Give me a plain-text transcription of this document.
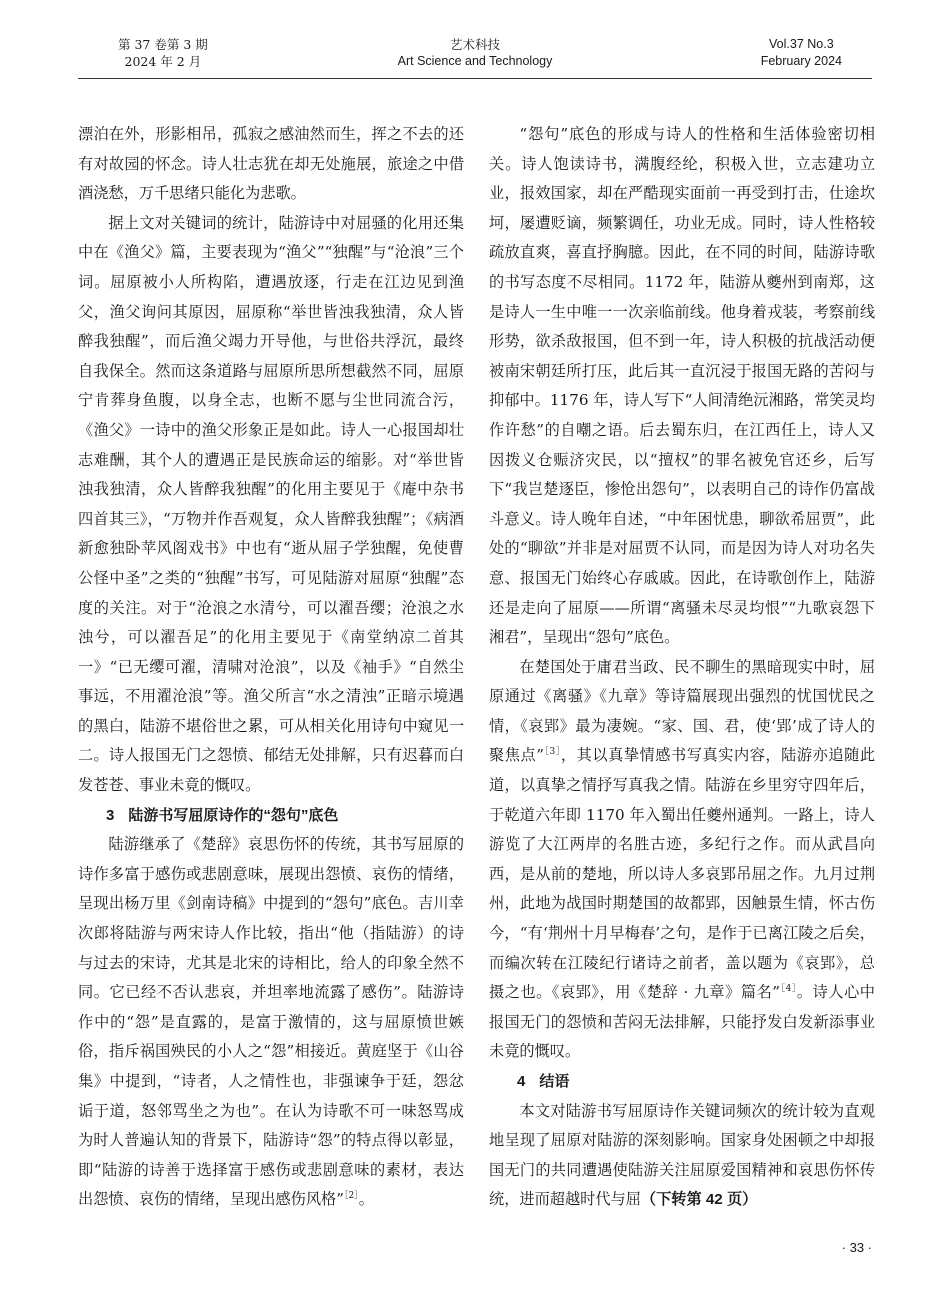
第 37 卷第 3 期
2024 年 2 月
艺术科技
Art Science and Technology
Vol.37 No.3
February 2024

漂泊在外，形影相吊，孤寂之感油然而生，挥之不去的还有对故园的怀念。诗人壮志犹在却无处施展，旅途之中借酒浇愁，万千思绪只能化为悲歌。

据上文对关键词的统计，陆游诗中对屈骚的化用还集中在《渔父》篇，主要表现为“渔父”“独醒”与“沧浪”三个词。屈原被小人所构陷，遭遇放逐，行走在江边见到渔父，渔父询问其原因，屈原称“举世皆浊我独清，众人皆醉我独醒”，而后渔父竭力开导他，与世俗共浮沉，最终自我保全。然而这条道路与屈原所思所想截然不同，屈原宁肯葬身鱼腹，以身全志，也断不愿与尘世同流合污，《渔父》一诗中的渔父形象正是如此。诗人一心报国却壮志难酬，其个人的遭遇正是民族命运的缩影。对“举世皆浊我独清，众人皆醉我独醒”的化用主要见于《庵中杂书四首其三》，“万物并作吾观复，众人皆醉我独醒”；《病酒新愈独卧苹风阁戏书》中也有“逝从屈子学独醒，免使曹公怪中圣”之类的“独醒”书写，可见陆游对屈原“独醒”态度的关注。对于“沧浪之水清兮，可以濯吾缨；沧浪之水浊兮，可以濯吾足”的化用主要见于《南堂纳凉二首其一》“已无缨可濯，清啸对沧浪”，以及《袖手》“自然尘事远，不用濯沧浪”等。渔父所言“水之清浊”正暗示境遇的黑白，陆游不堪俗世之累，可从相关化用诗句中窥见一二。诗人报国无门之怨愤、郁结无处排解，只有迟暮而白发苍苍、事业未竟的慨叹。

3 陆游书写屈原诗作的“怨句”底色

陆游继承了《楚辞》哀思伤怀的传统，其书写屈原的诗作多富于感伤或悲剧意味，展现出怨愤、哀伤的情绪，呈现出杨万里《剑南诗稿》中提到的“怨句”底色。吉川幸次郎将陆游与两宋诗人作比较，指出“他（指陆游）的诗与过去的宋诗，尤其是北宋的诗相比，给人的印象全然不同。它已经不否认悲哀，并坦率地流露了感伤”。陆游诗作中的“怨”是直露的，是富于激情的，这与屈原愤世嫉俗，指斥祸国殃民的小人之“怨”相接近。黄庭坚于《山谷集》中提到，“诗者，人之情性也，非强谏争于廷，怨忿诟于道，怒邻骂坐之为也”。在认为诗歌不可一味怒骂成为时人普遍认知的背景下，陆游诗“怨”的特点得以彰显，即“陆游的诗善于选择富于感伤或悲剧意味的素材，表达出怨愤、哀伤的情绪，呈现出感伤风格”$^{[2]}$。

“怨句”底色的形成与诗人的性格和生活体验密切相关。诗人饱读诗书，满腹经纶，积极入世，立志建功立业，报效国家，却在严酷现实面前一再受到打击，仕途坎坷，屡遭贬谪，频繁调任，功业无成。同时，诗人性格较疏放直爽，喜直抒胸臆。因此，在不同的时间，陆游诗歌的书写态度不尽相同。1172 年，陆游从夔州到南郑，这是诗人一生中唯一一次亲临前线。他身着戎装，考察前线形势，欲杀敌报国，但不到一年，诗人积极的抗战活动便被南宋朝廷所打压，此后其一直沉浸于报国无路的苦闷与抑郁中。1176 年，诗人写下“人间清绝沅湘路，常笑灵均作许愁”的自嘲之语。后去蜀东归，在江西任上，诗人又因拨义仓赈济灾民，以“擅权”的罪名被免官还乡，后写下“我岂楚逐臣，惨怆出怨句”，以表明自己的诗作仍富战斗意义。诗人晚年自述，“中年困忧患，聊欲希屈贾”，此处的“聊欲”并非是对屈贾不认同，而是因为诗人对功名失意、报国无门始终心存戚戚。因此，在诗歌创作上，陆游还是走向了屈原——所谓“离骚未尽灵均恨”“九歌哀怨下湘君”，呈现出“怨句”底色。

在楚国处于庸君当政、民不聊生的黑暗现实中时，屈原通过《离骚》《九章》等诗篇展现出强烈的忧国忧民之情，《哀郢》最为凄婉。“家、国、君，使‘郢’成了诗人的聚焦点”$^{[3]}$，其以真挚情感书写真实内容，陆游亦追随此道，以真挚之情抒写真我之情。陆游在乡里穷守四年后，于乾道六年即 1170 年入蜀出任夔州通判。一路上，诗人游览了大江两岸的名胜古迹，多纪行之作。而从武昌向西，是从前的楚地，所以诗人多哀郢吊屈之作。九月过荆州，此地为战国时期楚国的故都郢，因触景生情，怀古伤今，“有‘荆州十月早梅春’之句，是作于已离江陵之后矣，而编次转在江陵纪行诸诗之前者，盖以题为《哀郢》，总摄之也。《哀郢》，用《楚辞 · 九章》篇名”$^{[4]}$。诗人心中报国无门的怨愤和苦闷无法排解，只能抒发白发新添事业未竟的慨叹。

4 结语

本文对陆游书写屈原诗作关键词频次的统计较为直观地呈现了屈原对陆游的深刻影响。国家身处困顿之中却报国无门的共同遭遇使陆游关注屈原爱国精神和哀思伤怀传统，进而超越时代与屈（下转第 42 页）

· 33 ·
